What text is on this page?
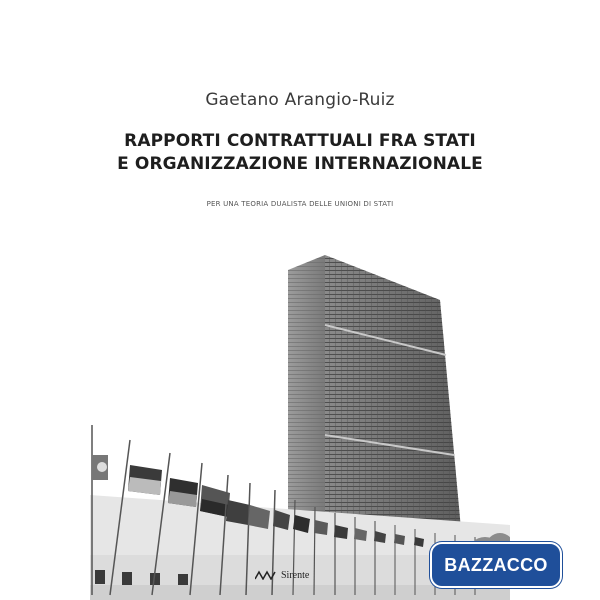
Gaetano Arangio-Ruiz
RAPPORTI CONTRATTUALI FRA STATI
E ORGANIZZAZIONE INTERNAZIONALE
PER UNA TEORIA DUALISTA DELLE UNIONI DI STATI
Sirente
BAZZACCO
